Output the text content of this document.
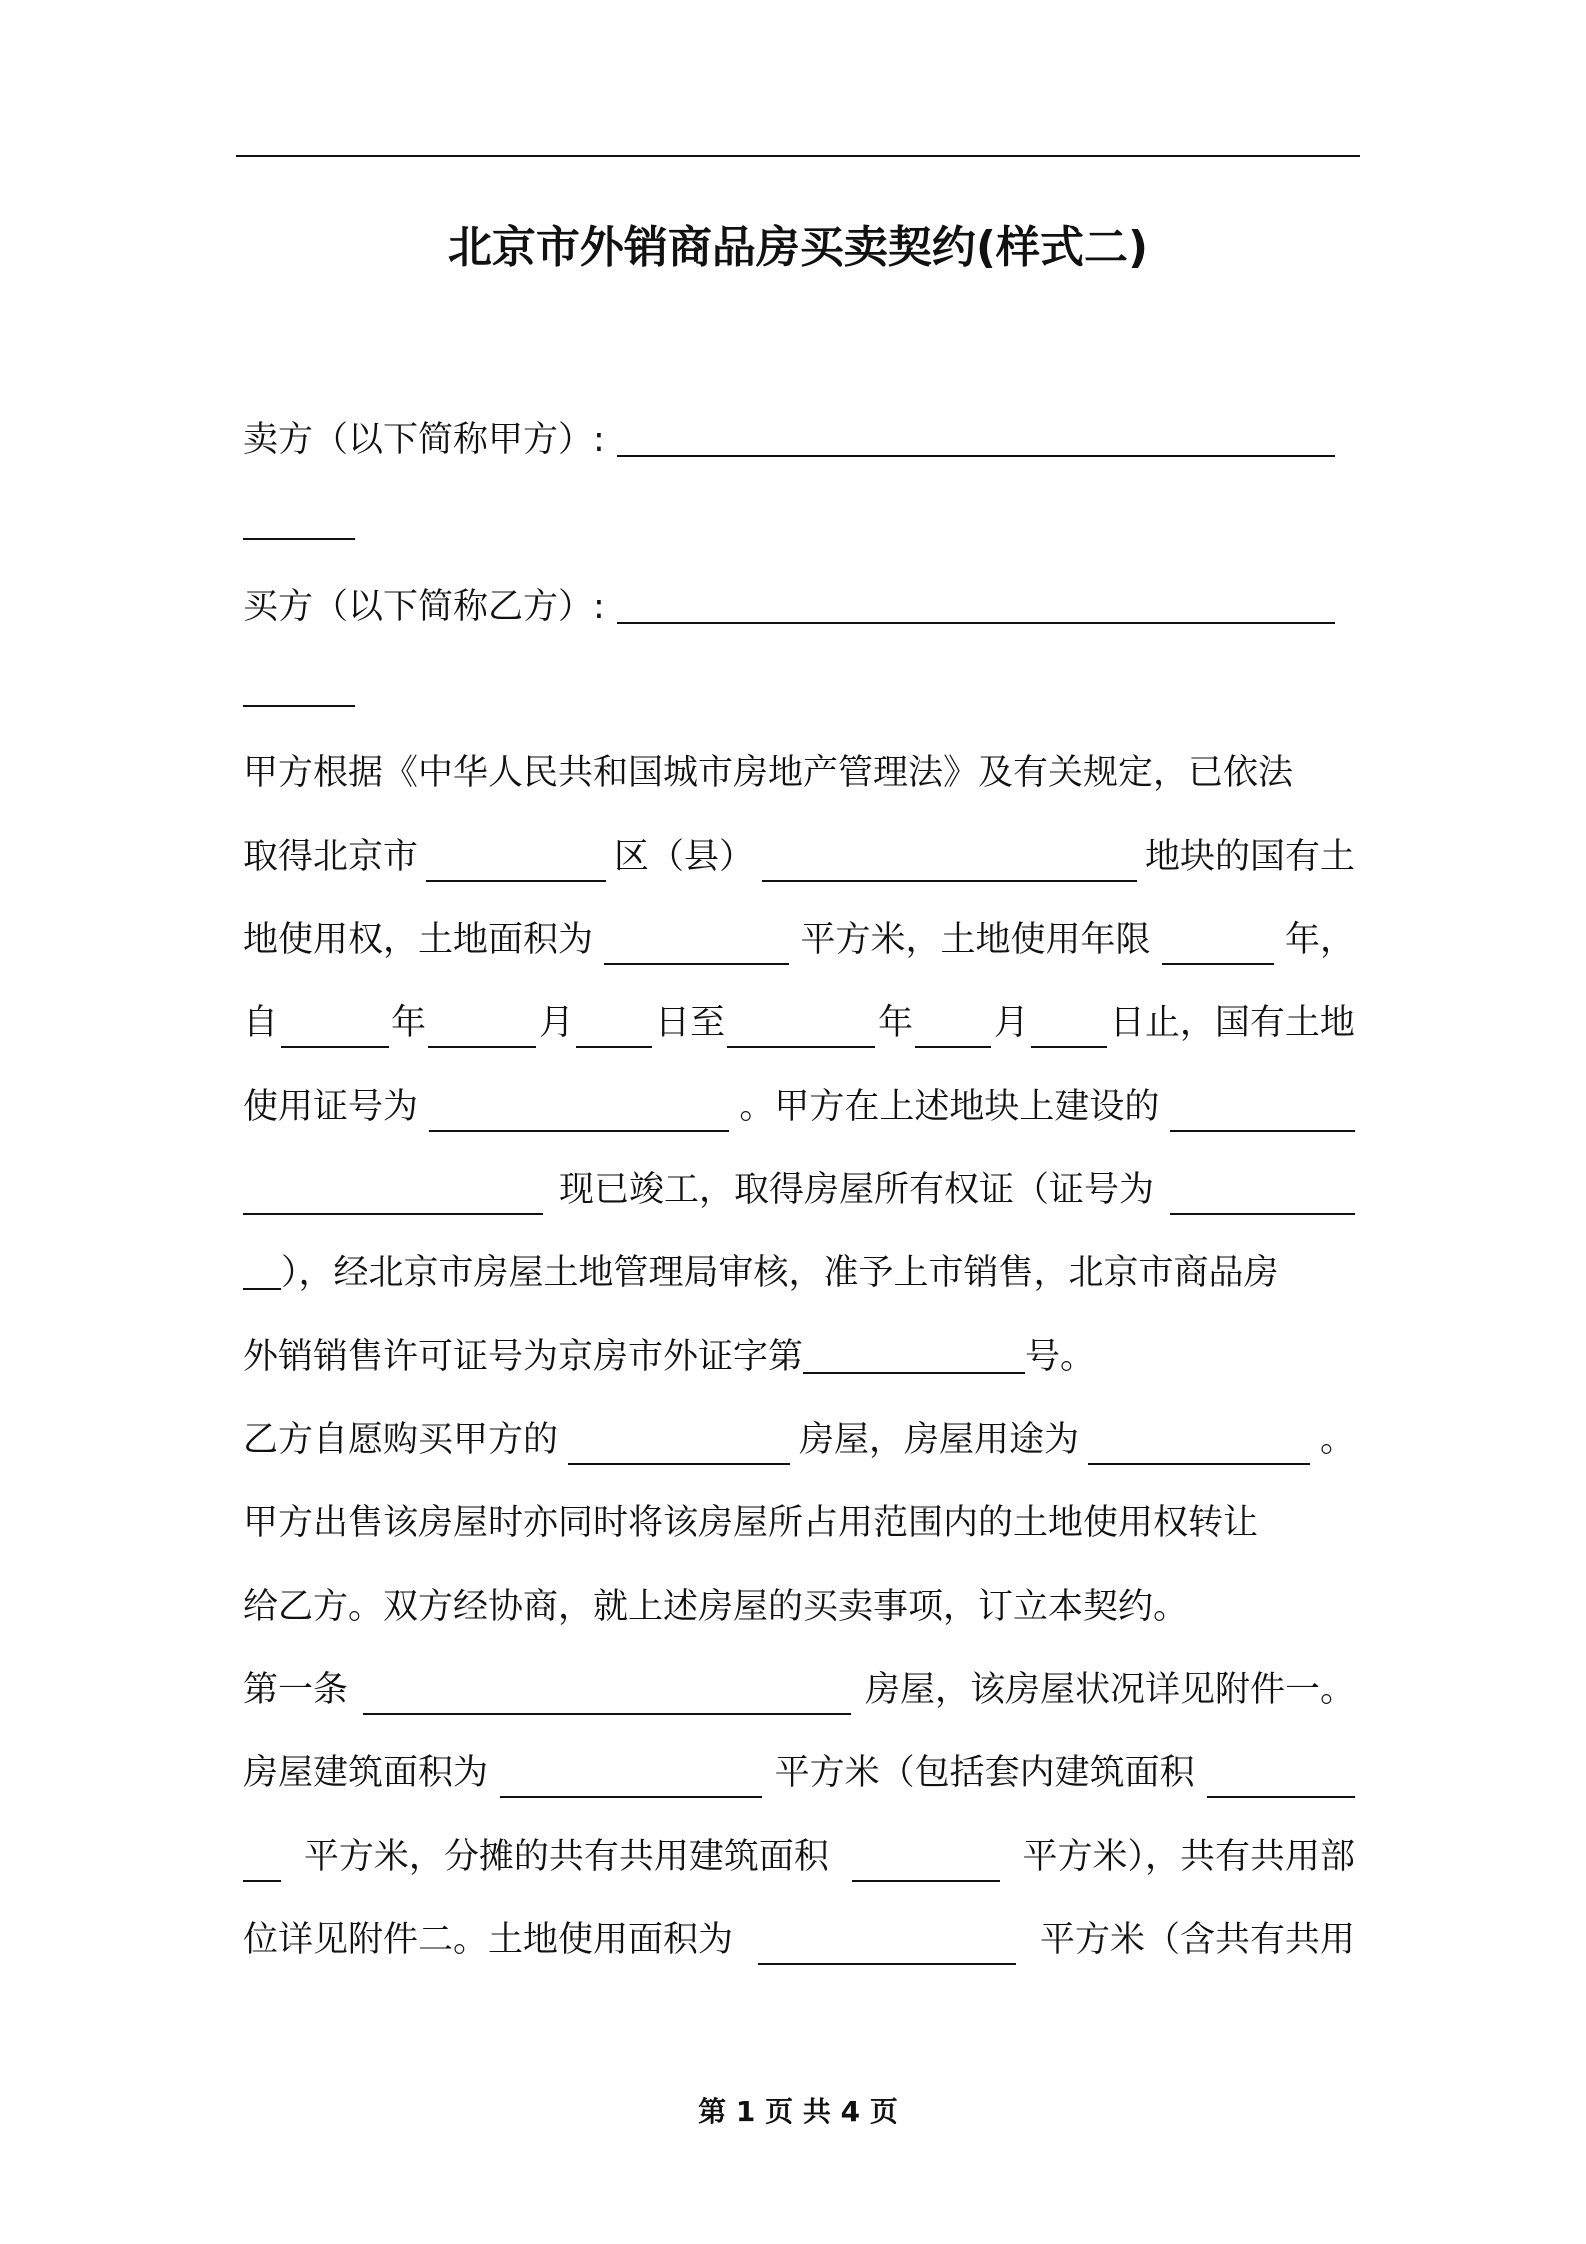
北京市外销商品房买卖契约(样式二)
卖方（以下简称甲方）:
买方（以下简称乙方）:
甲方根据《中华人民共和国城市房地产管理法》及有关规定，已依法
取得北京市	区（县）	地块的国有土
地使用权，土地面积为	平方米，土地使用年限	年，
自	年	月 日至	年 月 日止，国有土地
使用证号为	。甲方在上述地块上建设的
现已竣工，取得房屋所有权证（证号为
），经北京市房屋土地管理局审核，准予上市销售，北京市商品房
外销销售许可证号为京房市外证字第	号。
乙方自愿购买甲方的	房屋，房屋用途为	。
甲方出售该房屋时亦同时将该房屋所占用范围内的土地使用权转让
给乙方。双方经协商，就上述房屋的买卖事项，订立本契约。
第一条	房屋，该房屋状况详见附件一。
房屋建筑面积为	平方米（包括套内建筑面积
平方米，分摊的共有共用建筑面积	平方米），共有共用部
位详见附件二。土地使用面积为	平方米（含共有共用
第 1 页 共 4 页
